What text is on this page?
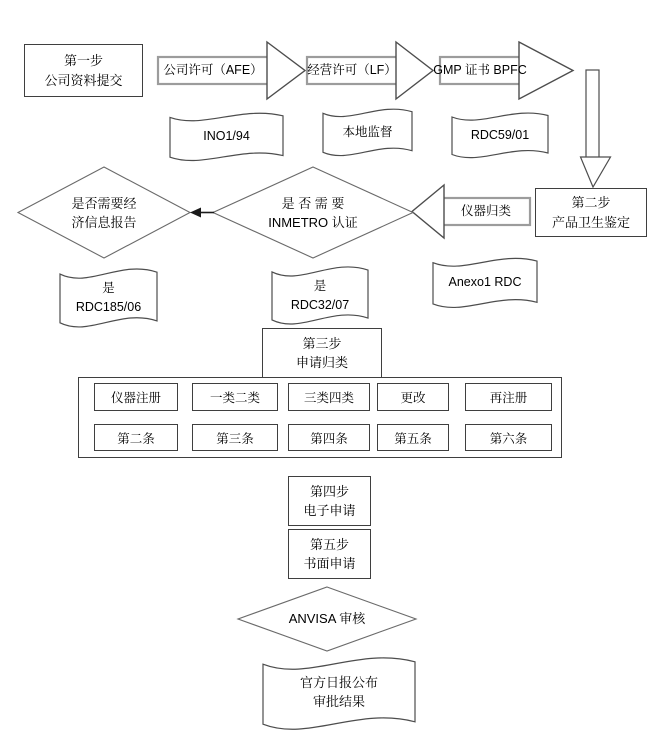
第一步
公司资料提交
公司许可（AFE）	经营许可（LF）	GMP 证书 BPFC
INO1/94	本地监督	RDC59/01
第二步
产品卫生鉴定
仪器归类
是否需要经
济信息报告
是 否 需 要
INMETRO 认证
是
RDC185/06
是
RDC32/07
Anexo1 RDC
第三步
申请归类
仪器注册	一类二类	三类四类	更改	再注册
第二条	第三条	第四条	第五条	第六条
第四步
电子申请
第五步
书面申请
ANVISA 审核
官方日报公布
审批结果
